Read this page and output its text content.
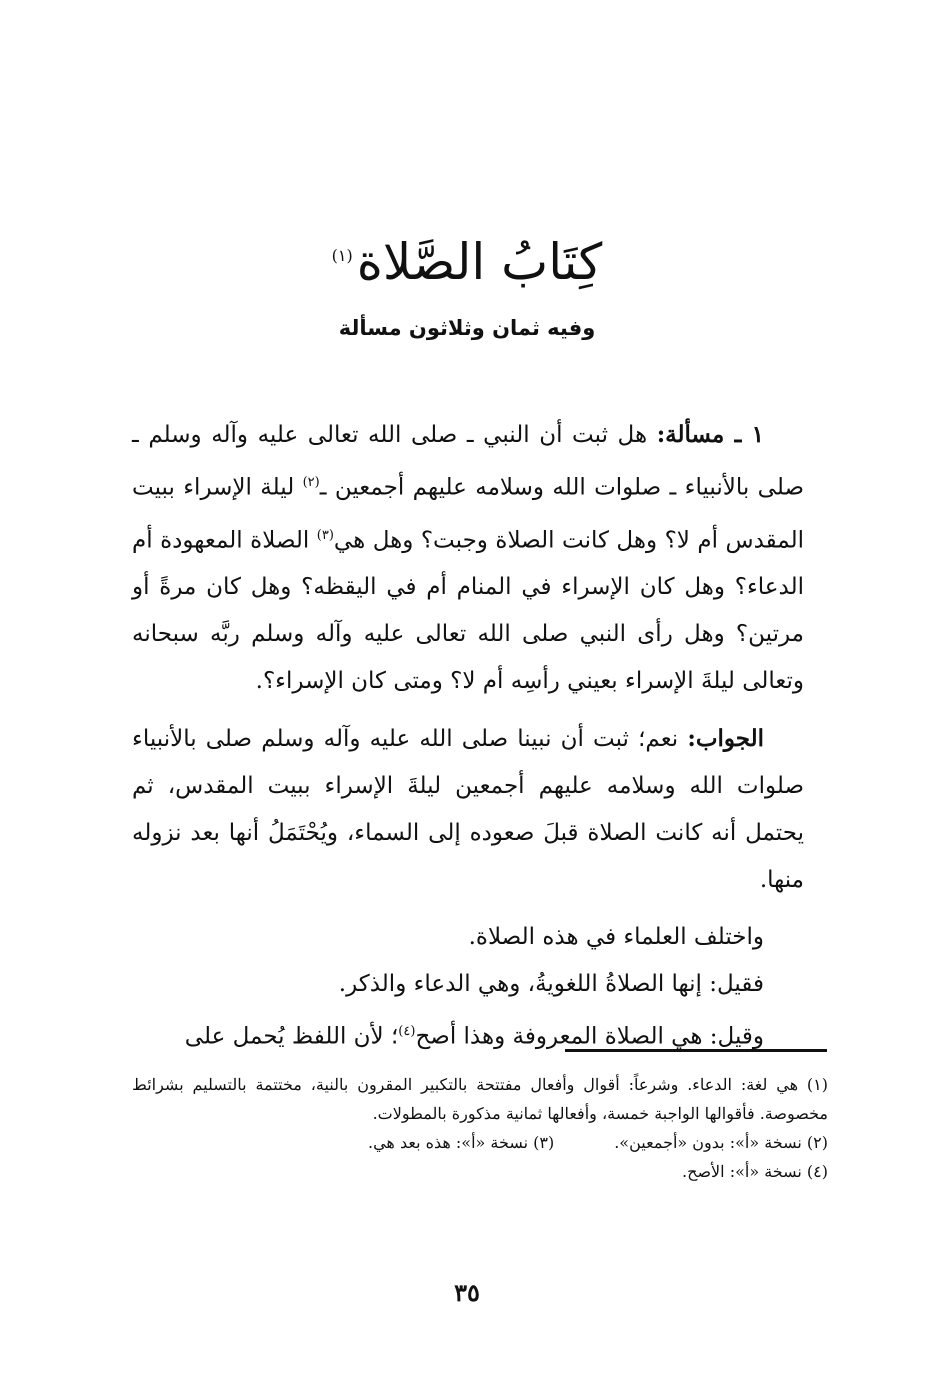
كِتَابُ الصَّلاة$^{(١)}$
وفيه ثمان وثلاثون مسألة

١ ـ مسألة: هل ثبت أن النبي ـ صلى الله تعالى عليه وآله وسلم ـ صلى بالأنبياء ـ صلوات الله وسلامه عليهم أجمعين ـ$^{(٢)}$ ليلة الإسراء ببيت المقدس أم لا؟ وهل كانت الصلاة وجبت؟ وهل هي$^{(٣)}$ الصلاة المعهودة أم الدعاء؟ وهل كان الإسراء في المنام أم في اليقظه؟ وهل كان مرةً أو مرتين؟ وهل رأى النبي صلى الله تعالى عليه وآله وسلم ربَّه سبحانه وتعالى ليلةَ الإسراء بعيني رأسِه أم لا؟ ومتى كان الإسراء؟.

الجواب: نعم؛ ثبت أن نبينا صلى الله عليه وآله وسلم صلى بالأنبياء صلوات الله وسلامه عليهم أجمعين ليلةَ الإسراء ببيت المقدس، ثم يحتمل أنه كانت الصلاة قبلَ صعوده إلى السماء، ويُحْتَمَلُ أنها بعد نزوله منها.

واختلف العلماء في هذه الصلاة.

فقيل: إنها الصلاةُ اللغويةُ، وهي الدعاء والذكر.

وقيل: هي الصلاة المعروفة وهذا أصح$^{(٤)}$؛ لأن اللفظ يُحمل على

(١) هي لغة: الدعاء. وشرعاً: أقوال وأفعال مفتتحة بالتكبير المقرون بالنية، مختتمة بالتسليم بشرائط مخصوصة. فأقوالها الواجبة خمسة، وأفعالها ثمانية مذكورة بالمطولات.

(٢) نسخة «أ»: بدون «أجمعين».
(٣) نسخة «أ»: هذه بعد هي.

(٤) نسخة «أ»: الأصح.

٣٥
